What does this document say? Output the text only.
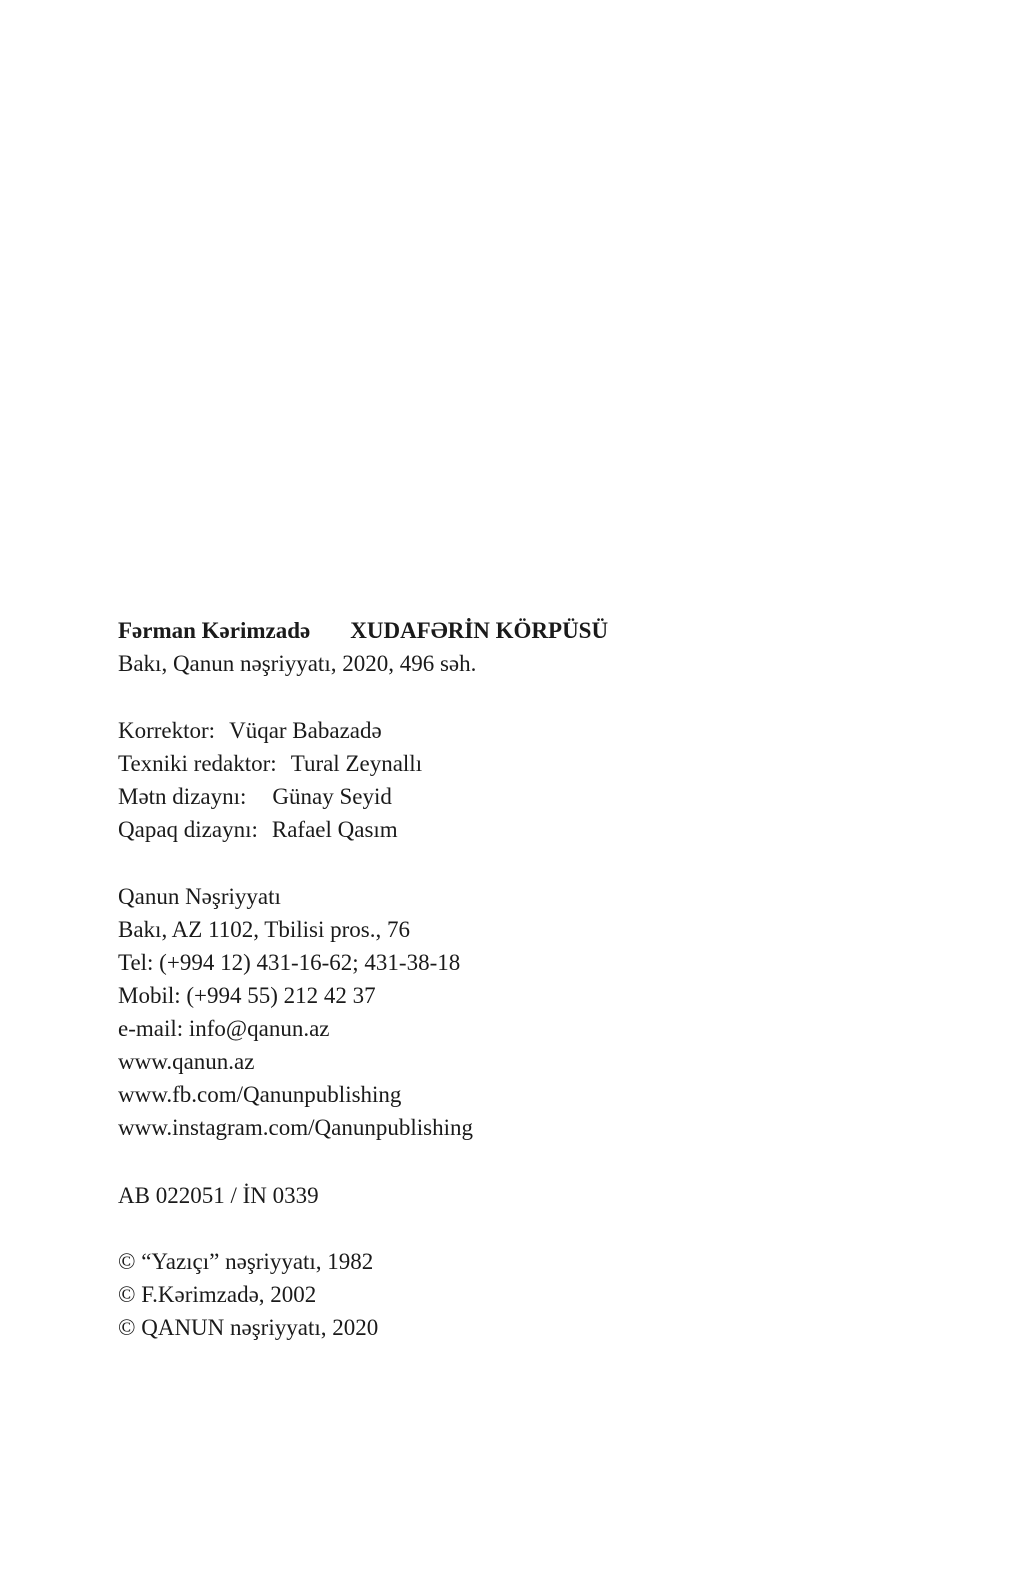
Fərman Kərimzadə XUDAFƏRİN KÖRPÜSÜ
Bakı, Qanun nəşriyyatı, 2020, 496 səh.
Korrektor: Vüqar Babazadə
Texniki redaktor: Tural Zeynallı
Mətn dizaynı: Günay Seyid
Qapaq dizaynı: Rafael Qasım
Qanun Nəşriyyatı
Bakı, AZ 1102, Tbilisi pros., 76
Tel: (+994 12) 431-16-62; 431-38-18
Mobil: (+994 55) 212 42 37
e-mail: info@qanun.az
www.qanun.az
www.fb.com/Qanunpublishing
www.instagram.com/Qanunpublishing
AB 022051 / İN 0339
© “Yazıçı” nəşriyyatı, 1982
© F.Kərimzadə, 2002
© QANUN nəşriyyatı, 2020
